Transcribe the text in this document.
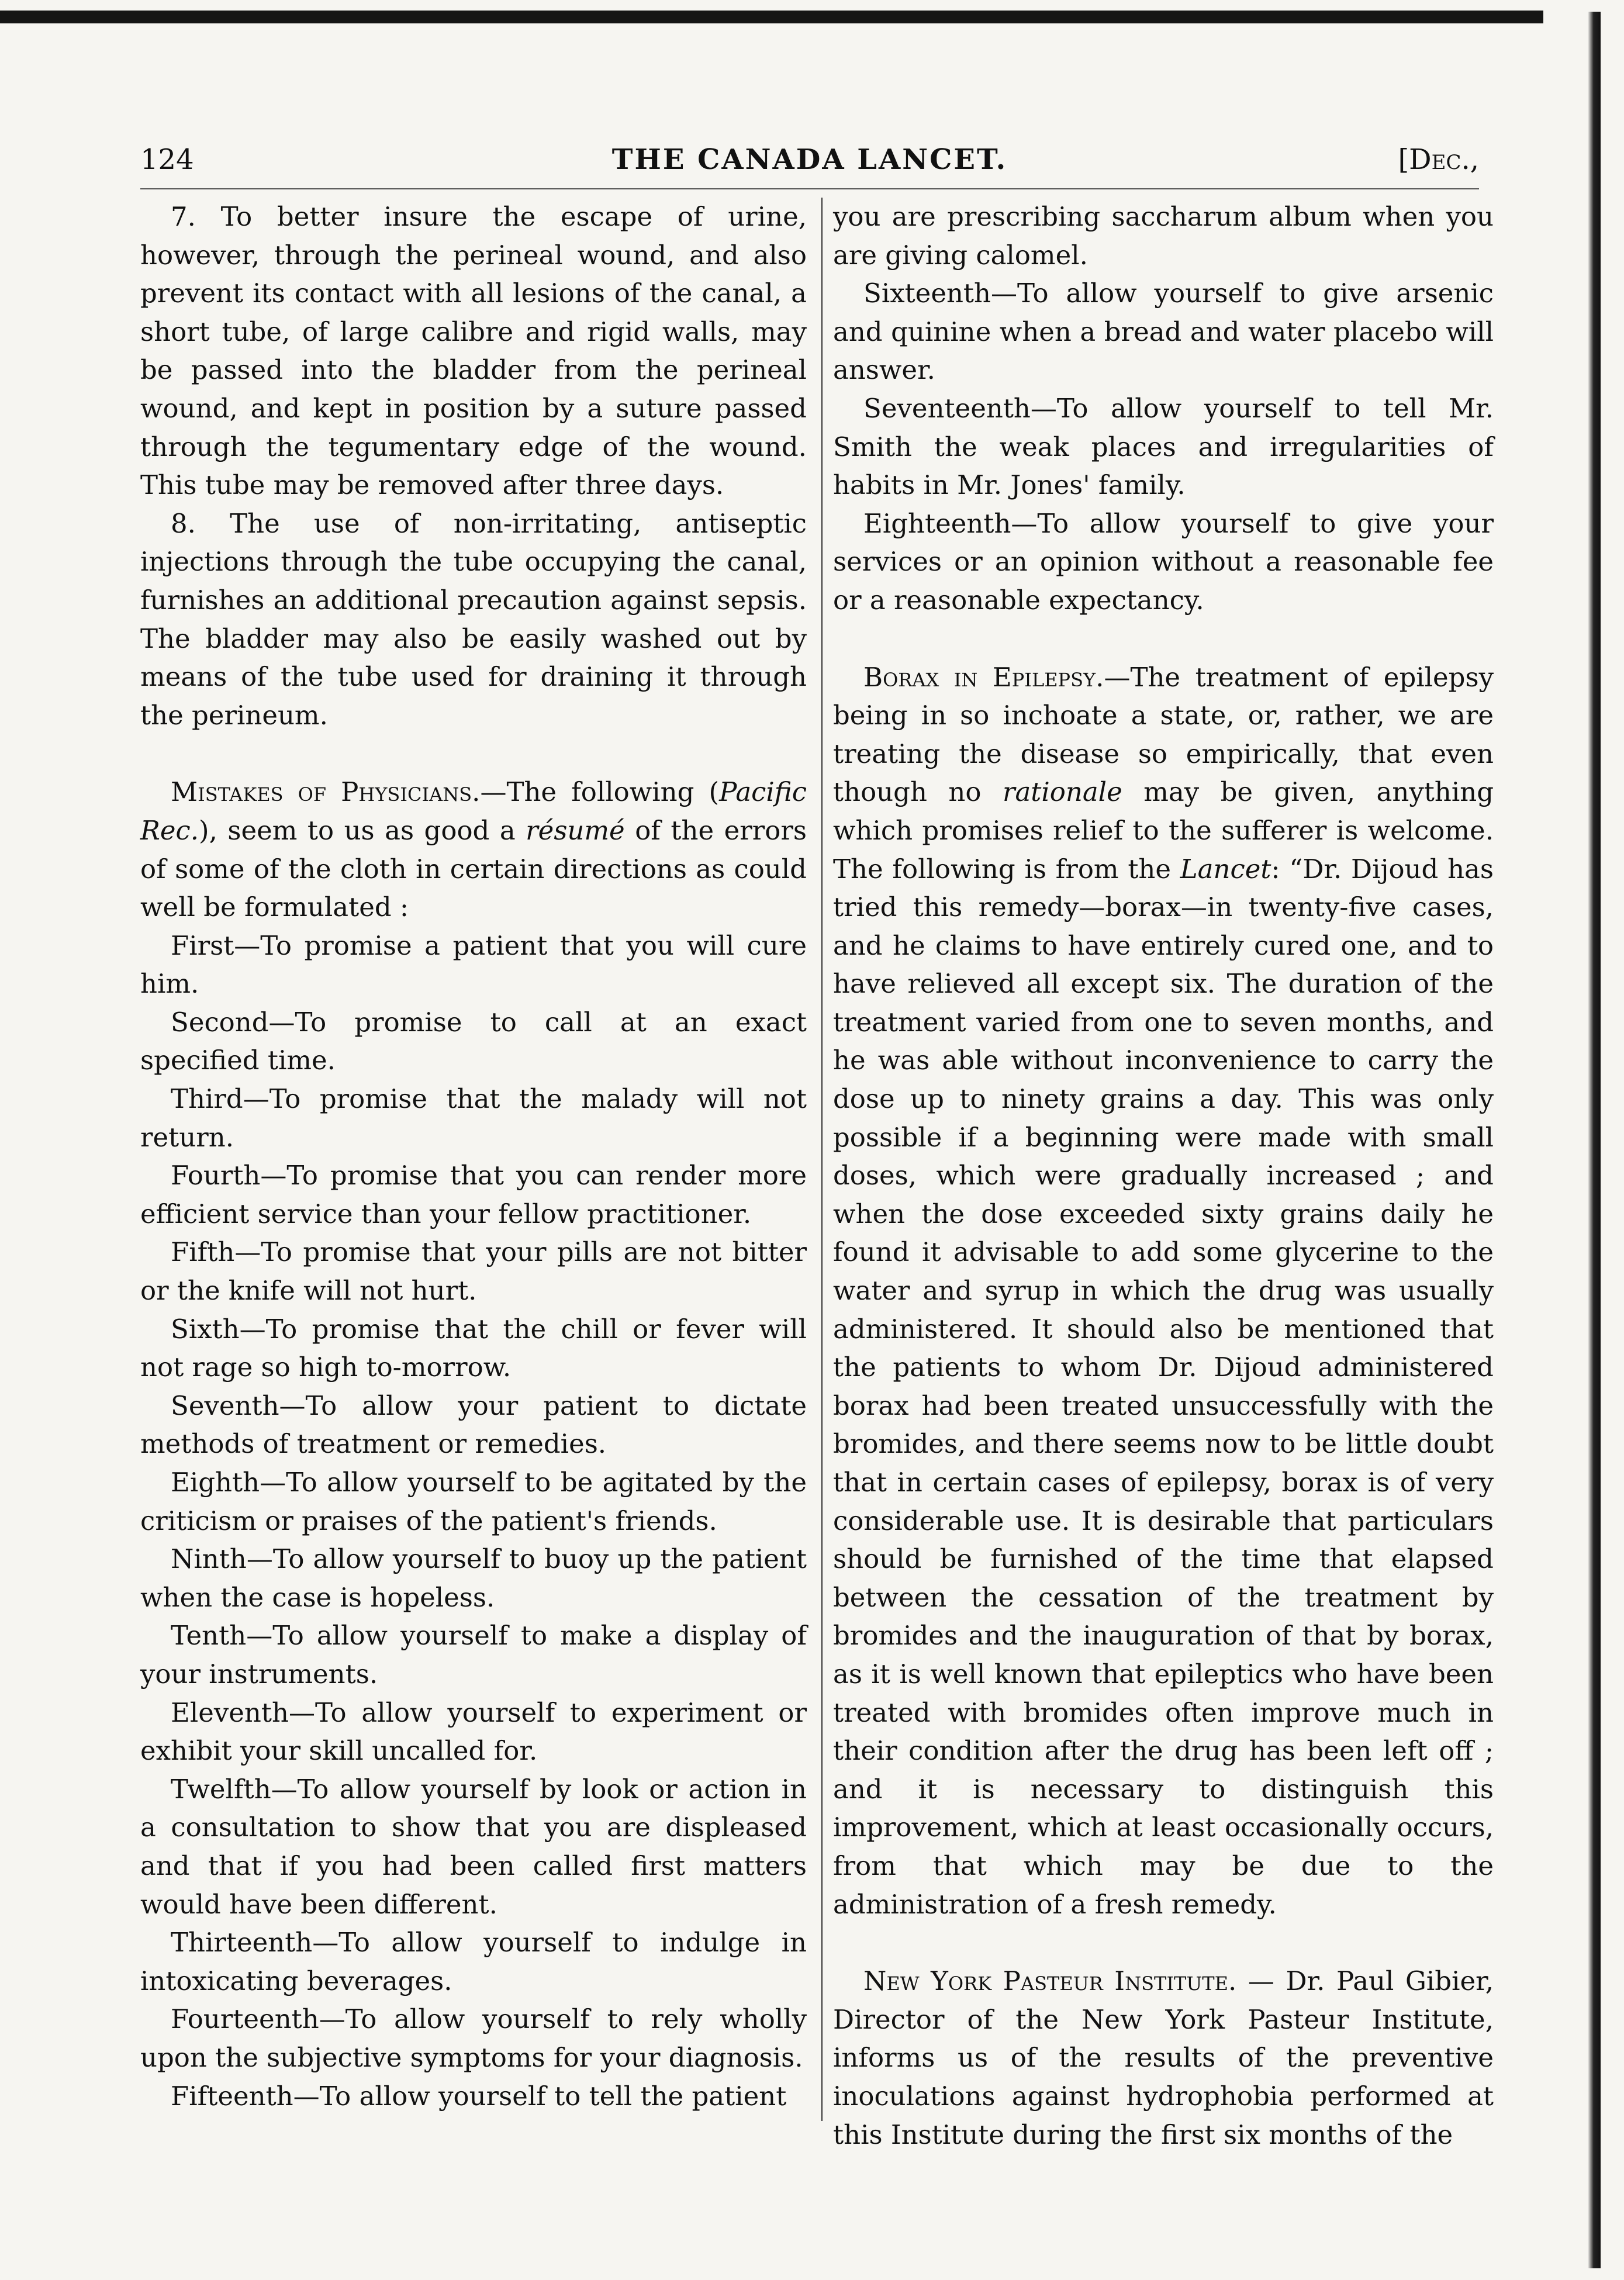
124	THE CANADA LANCET.	[Dec.,

7. To better insure the escape of urine, however, through the perineal wound, and also prevent its contact with all lesions of the canal, a short tube, of large calibre and rigid walls, may be passed into the bladder from the perineal wound, and kept in position by a suture passed through the tegumentary edge of the wound. This tube may be removed after three days.

8. The use of non-irritating, antiseptic injections through the tube occupying the canal, furnishes an additional precaution against sepsis. The bladder may also be easily washed out by means of the tube used for draining it through the perineum.

Mistakes of Physicians.—The following (Pacific Rec.), seem to us as good a résumé of the errors of some of the cloth in certain directions as could well be formulated :

First—To promise a patient that you will cure him.

Second—To promise to call at an exact specified time.

Third—To promise that the malady will not return.

Fourth—To promise that you can render more efficient service than your fellow practitioner.

Fifth—To promise that your pills are not bitter or the knife will not hurt.

Sixth—To promise that the chill or fever will not rage so high to-morrow.

Seventh—To allow your patient to dictate methods of treatment or remedies.

Eighth—To allow yourself to be agitated by the criticism or praises of the patient's friends.

Ninth—To allow yourself to buoy up the patient when the case is hopeless.

Tenth—To allow yourself to make a display of your instruments.

Eleventh—To allow yourself to experiment or exhibit your skill uncalled for.

Twelfth—To allow yourself by look or action in a consultation to show that you are displeased and that if you had been called first matters would have been different.

Thirteenth—To allow yourself to indulge in intoxicating beverages.

Fourteenth—To allow yourself to rely wholly upon the subjective symptoms for your diagnosis.

Fifteenth—To allow yourself to tell the patient

you are prescribing saccharum album when you are giving calomel.

Sixteenth—To allow yourself to give arsenic and quinine when a bread and water placebo will answer.

Seventeenth—To allow yourself to tell Mr. Smith the weak places and irregularities of habits in Mr. Jones' family.

Eighteenth—To allow yourself to give your services or an opinion without a reasonable fee or a reasonable expectancy.

Borax in Epilepsy.—The treatment of epilepsy being in so inchoate a state, or, rather, we are treating the disease so empirically, that even though no rationale may be given, anything which promises relief to the sufferer is welcome. The following is from the Lancet: “Dr. Dijoud has tried this remedy—borax—in twenty-five cases, and he claims to have entirely cured one, and to have relieved all except six. The duration of the treatment varied from one to seven months, and he was able without inconvenience to carry the dose up to ninety grains a day. This was only possible if a beginning were made with small doses, which were gradually increased ; and when the dose exceeded sixty grains daily he found it advisable to add some glycerine to the water and syrup in which the drug was usually administered. It should also be mentioned that the patients to whom Dr. Dijoud administered borax had been treated unsuccessfully with the bromides, and there seems now to be little doubt that in certain cases of epilepsy, borax is of very considerable use. It is desirable that particulars should be furnished of the time that elapsed between the cessation of the treatment by bromides and the inauguration of that by borax, as it is well known that epileptics who have been treated with bromides often improve much in their condition after the drug has been left off ; and it is necessary to distinguish this improvement, which at least occasionally occurs, from that which may be due to the administration of a fresh remedy.

New York Pasteur Institute. — Dr. Paul Gibier, Director of the New York Pasteur Institute, informs us of the results of the preventive inoculations against hydrophobia performed at this Institute during the first six months of the
